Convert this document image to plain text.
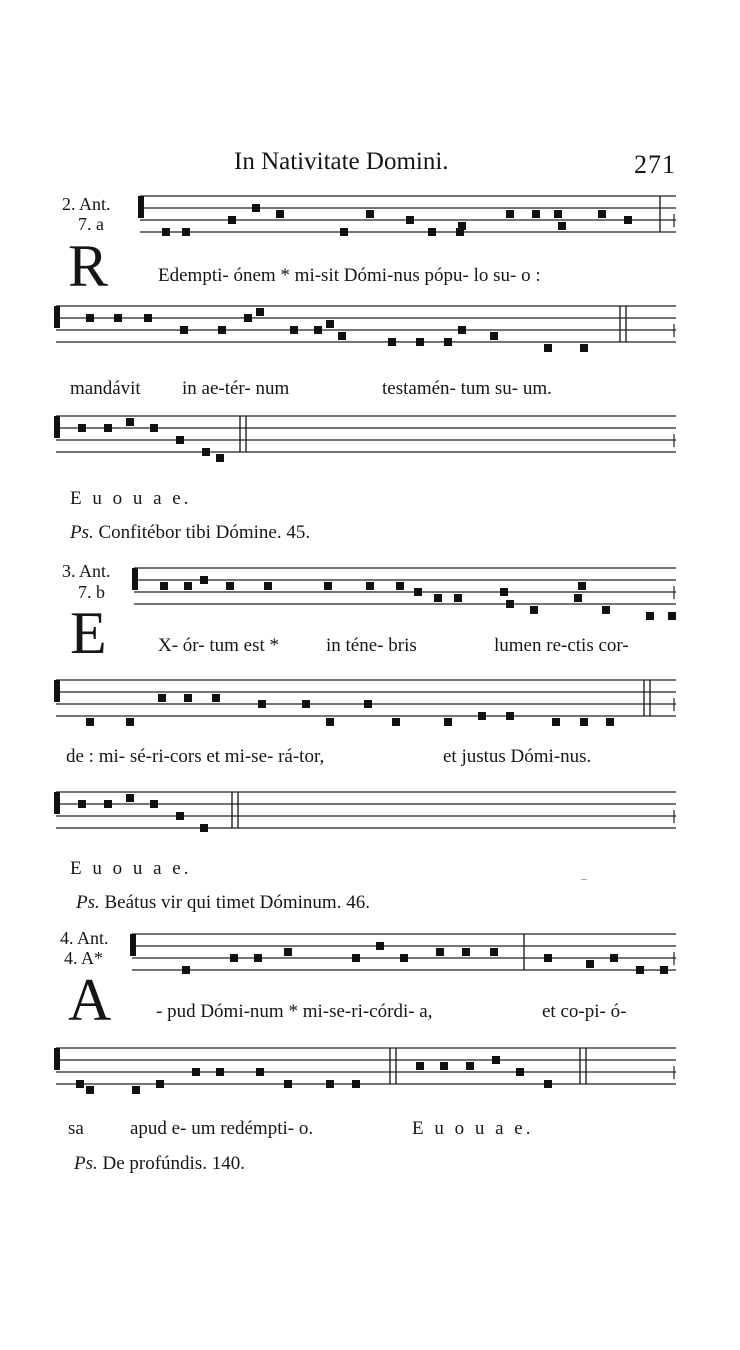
In Nativitate Domini.	271
2. Ant.
7. a
R	Edempti- ónem * mi-sit Dómi-nus pópu- lo su- o :
mandávit in ae-tér- num	testamén- tum su- um.
E u o u a e.
Ps. Confitébor tibi Dómine. 45.
3. Ant.
7. b
E	X- ór- tum est * in ténе- bris	lumen re-ctis cor-
de : mi- sé-ri-cors et mi-se- rá-tor,	et justus Dómi-nus.
E u o u a e.
Ps. Beátus vir qui timet Dóminum. 46.
4. Ant.
4. A*
A - pud Dómi-num * mi-se-ri-córdi- a,	et co-pi- ó-
sa apud e- um redémpti- o.	E u o u a e.
Ps. De profúndis. 140.
